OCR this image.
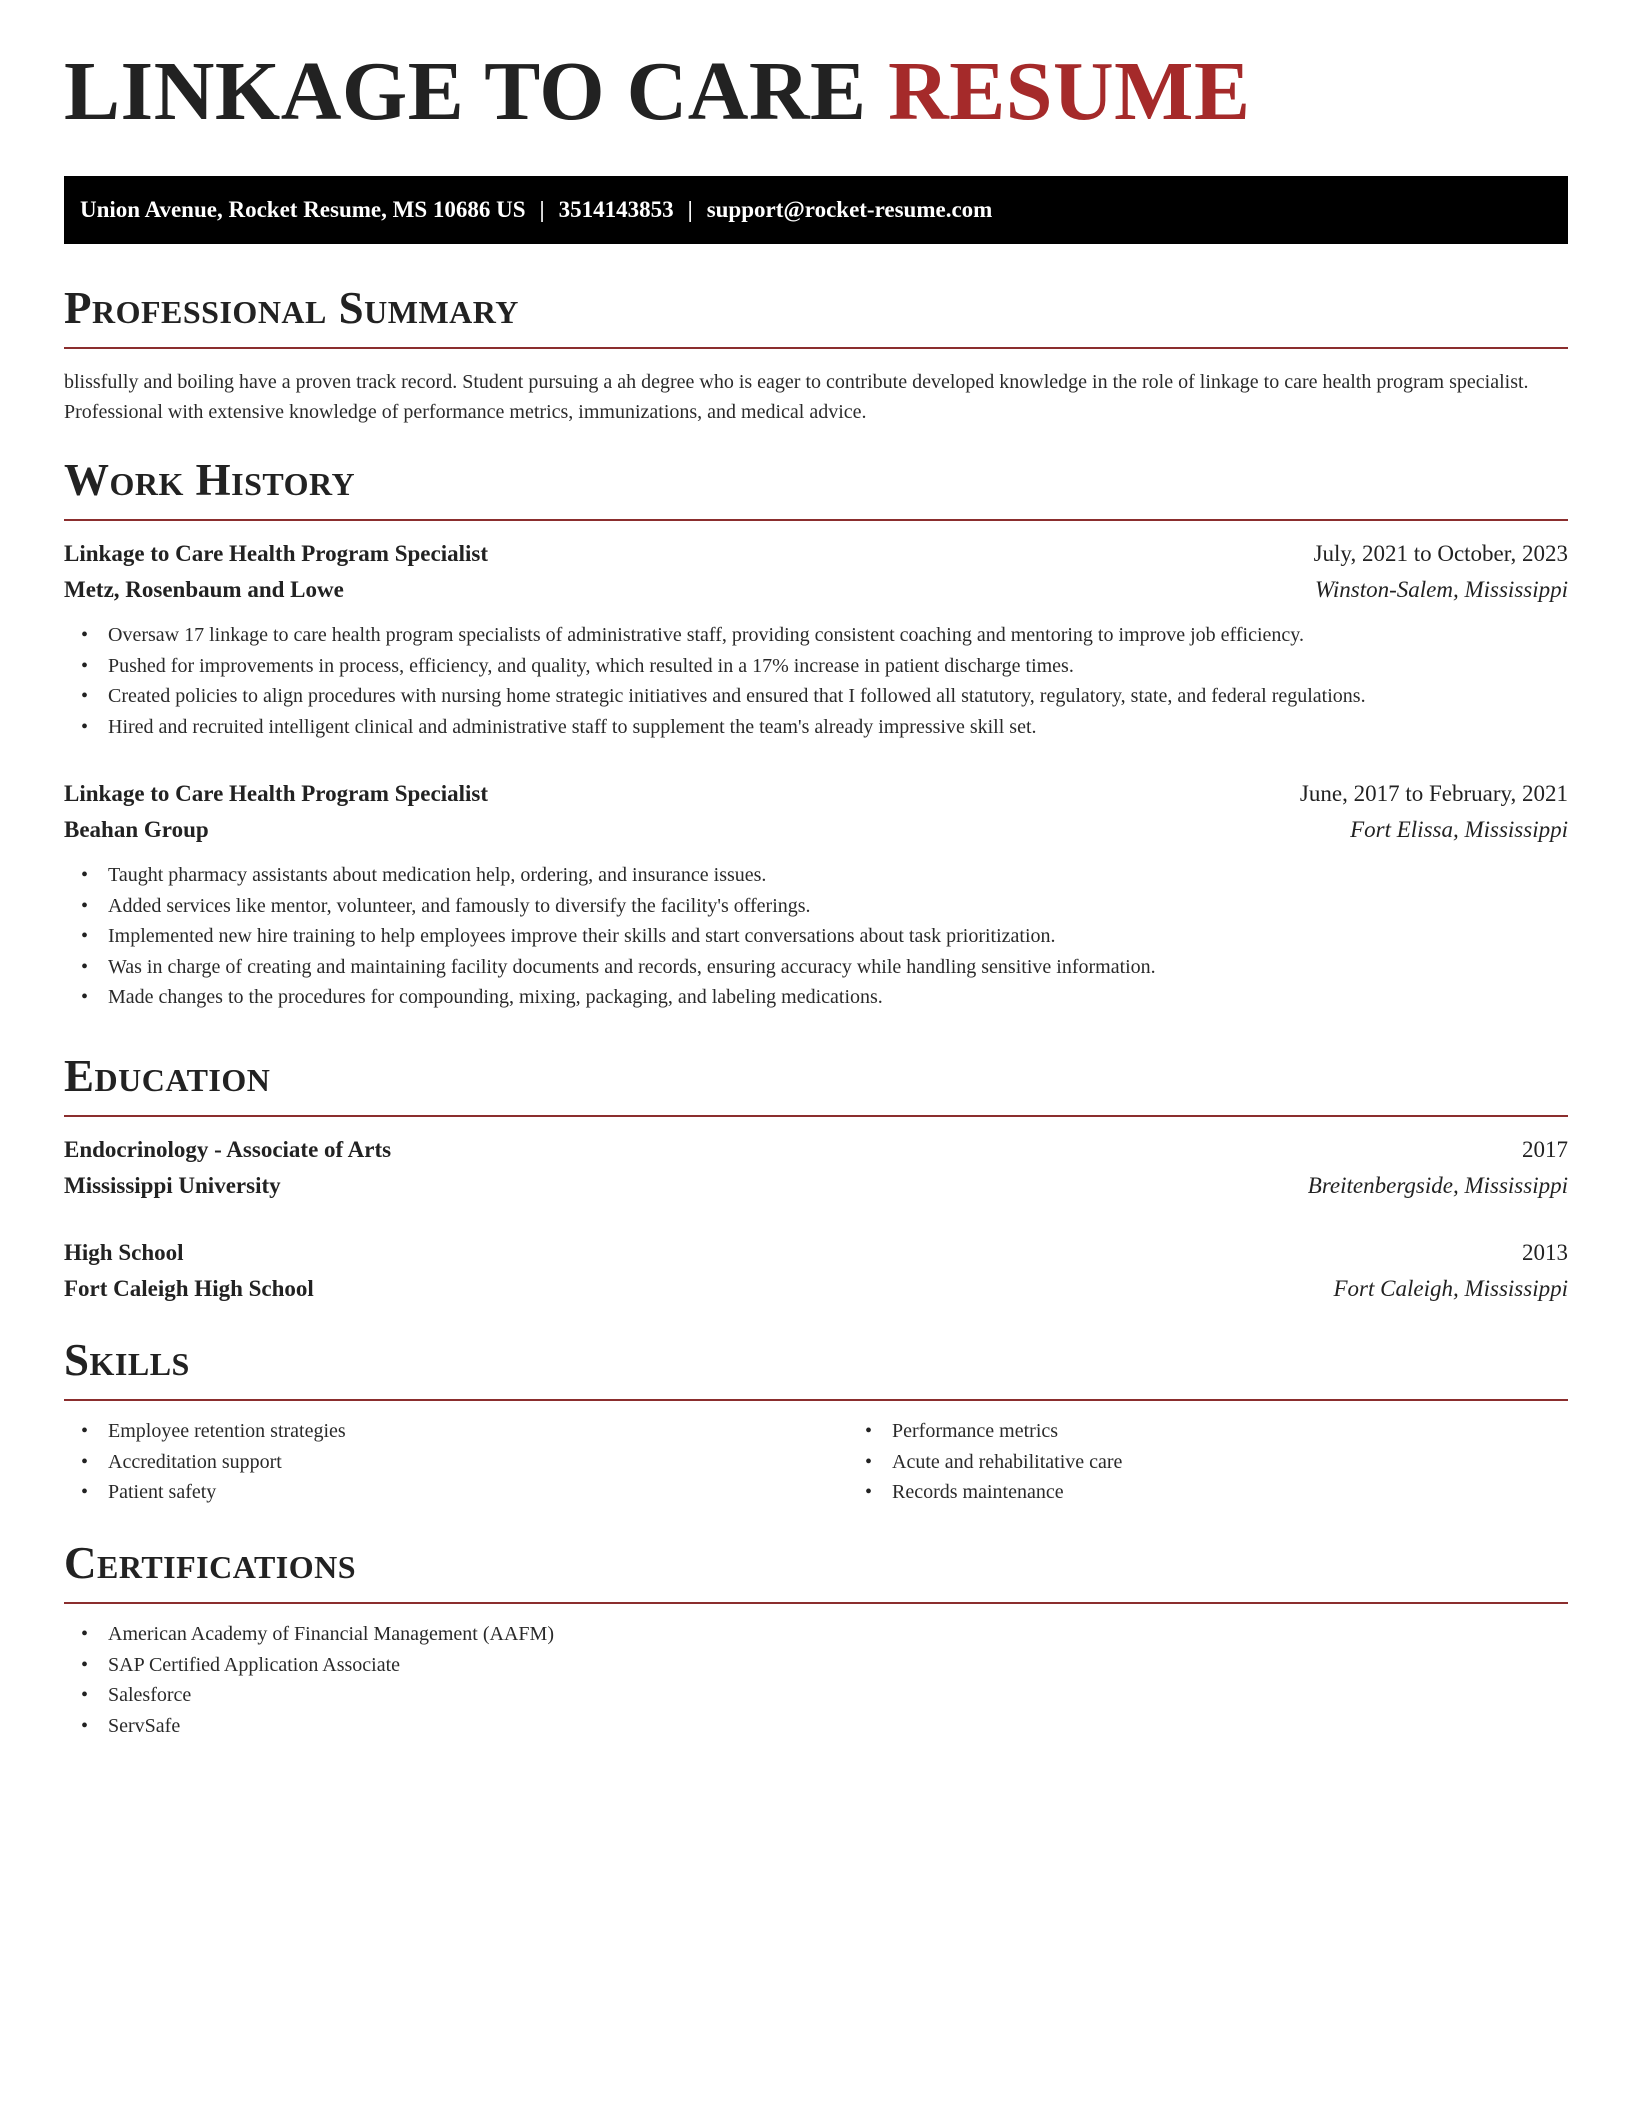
LINKAGE TO CARE RESUME
Union Avenue, Rocket Resume, MS 10686 US | 3514143853 | support@rocket-resume.com
Professional Summary

blissfully and boiling have a proven track record. Student pursuing a ah degree who is eager to contribute developed knowledge in the role of linkage to care health program specialist. Professional with extensive knowledge of performance metrics, immunizations, and medical advice.

Work History
Linkage to Care Health Program Specialist	July, 2021 to October, 2023
Metz, Rosenbaum and Lowe	Winston-Salem, Mississippi
• Oversaw 17 linkage to care health program specialists of administrative staff, providing consistent coaching and mentoring to improve job efficiency.
• Pushed for improvements in process, efficiency, and quality, which resulted in a 17% increase in patient discharge times.
• Created policies to align procedures with nursing home strategic initiatives and ensured that I followed all statutory, regulatory, state, and federal regulations.
• Hired and recruited intelligent clinical and administrative staff to supplement the team's already impressive skill set.
Linkage to Care Health Program Specialist	June, 2017 to February, 2021
Beahan Group	Fort Elissa, Mississippi
• Taught pharmacy assistants about medication help, ordering, and insurance issues.
• Added services like mentor, volunteer, and famously to diversify the facility's offerings.
• Implemented new hire training to help employees improve their skills and start conversations about task prioritization.
• Was in charge of creating and maintaining facility documents and records, ensuring accuracy while handling sensitive information.
• Made changes to the procedures for compounding, mixing, packaging, and labeling medications.
Education
Endocrinology - Associate of Arts	2017
Mississippi University	Breitenbergside, Mississippi
High School	2013
Fort Caleigh High School	Fort Caleigh, Mississippi
Skills
• Employee retention strategies
• Accreditation support
• Patient safety
• Performance metrics
• Acute and rehabilitative care
• Records maintenance
Certifications
• American Academy of Financial Management (AAFM)
• SAP Certified Application Associate
• Salesforce
• ServSafe
